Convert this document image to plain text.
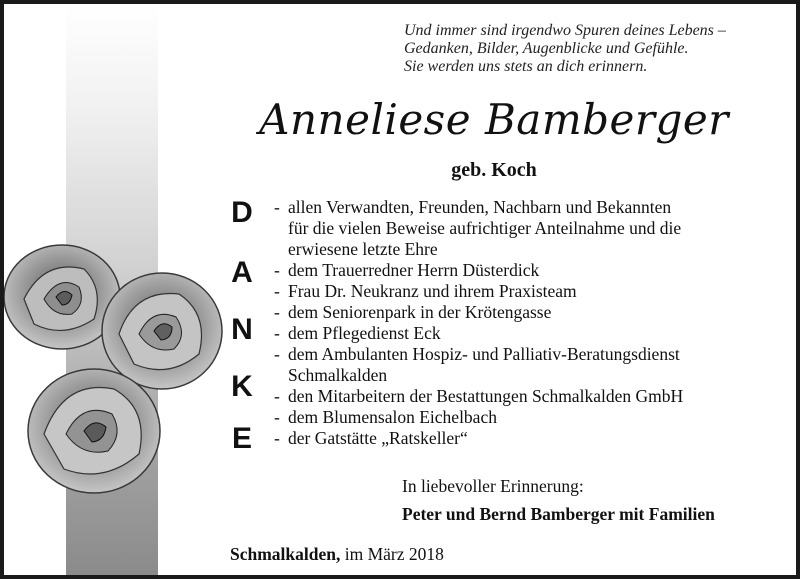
Und immer sind irgendwo Spuren deines Lebens –
Gedanken, Bilder, Augenblicke und Gefühle.
Sie werden uns stets an dich erinnern.
Anneliese Bamberger
geb. Koch
D
A
N
K
E
- allen Verwandten, Freunden, Nachbarn und Bekannten
für die vielen Beweise aufrichtiger Anteilnahme und die
erwiesene letzte Ehre
- dem Trauerredner Herrn Düsterdick
- Frau Dr. Neukranz und ihrem Praxisteam
- dem Seniorenpark in der Krötengasse
- dem Pflegedienst Eck
- dem Ambulanten Hospiz- und Palliativ-Beratungsdienst
Schmalkalden
- den Mitarbeitern der Bestattungen Schmalkalden GmbH
- dem Blumensalon Eichelbach
- der Gatstätte „Ratskeller“
In liebevoller Erinnerung:
Peter und Bernd Bamberger mit Familien
Schmalkalden, im März 2018
